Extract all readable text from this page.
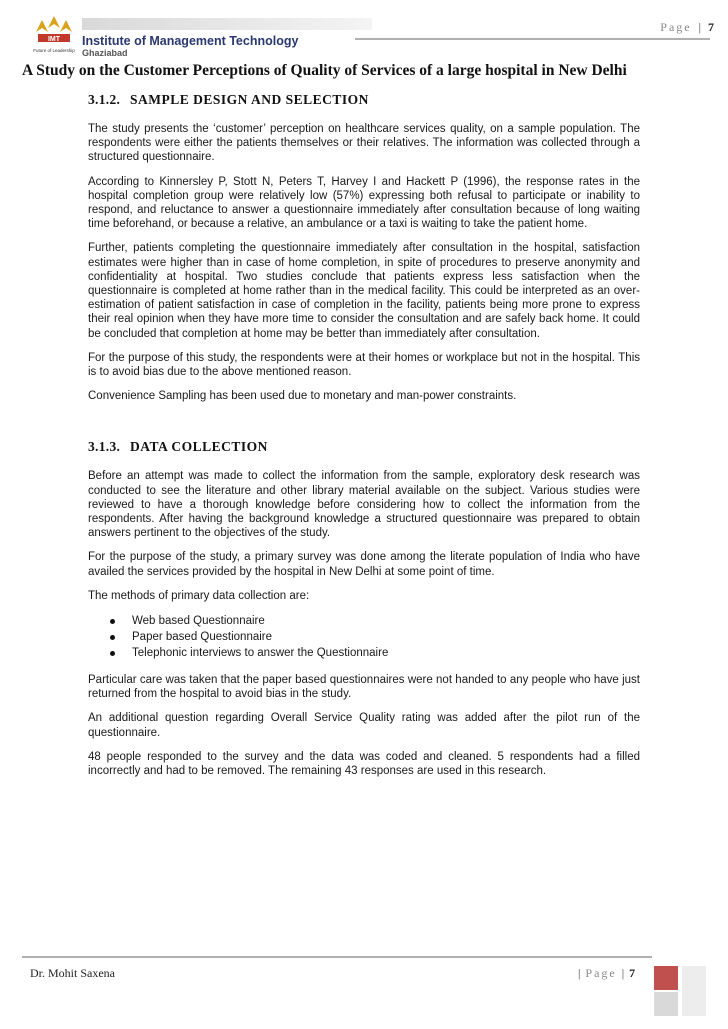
Page | 7
IMT
Future of Leadership
Institute of Management Technology
Ghaziabad
A Study on the Customer Perceptions of Quality of Services of a large hospital in New Delhi
3.1.2. SAMPLE DESIGN AND SELECTION

The study presents the ‘customer’ perception on healthcare services quality, on a sample population. The respondents were either the patients themselves or their relatives. The information was collected through a structured questionnaire.

According to Kinnersley P, Stott N, Peters T, Harvey I and Hackett P (1996), the response rates in the hospital completion group were relatively low (57%) expressing both refusal to participate or inability to respond, and reluctance to answer a questionnaire immediately after consultation because of long waiting time beforehand, or because a relative, an ambulance or a taxi is waiting to take the patient home.

Further, patients completing the questionnaire immediately after consultation in the hospital, satisfaction estimates were higher than in case of home completion, in spite of procedures to preserve anonymity and confidentiality at hospital. Two studies conclude that patients express less satisfaction when the questionnaire is completed at home rather than in the medical facility. This could be interpreted as an over-estimation of patient satisfaction in case of completion in the facility, patients being more prone to express their real opinion when they have more time to consider the consultation and are safely back home. It could be concluded that completion at home may be better than immediately after consultation.

For the purpose of this study, the respondents were at their homes or workplace but not in the hospital. This is to avoid bias due to the above mentioned reason.

Convenience Sampling has been used due to monetary and man-power constraints.

3.1.3. DATA COLLECTION

Before an attempt was made to collect the information from the sample, exploratory desk research was conducted to see the literature and other library material available on the subject. Various studies were reviewed to have a thorough knowledge before considering how to collect the information from the respondents. After having the background knowledge a structured questionnaire was prepared to obtain answers pertinent to the objectives of the study.

For the purpose of the study, a primary survey was done among the literate population of India who have availed the services provided by the hospital in New Delhi at some point of time.

The methods of primary data collection are:

Web based Questionnaire
Paper based Questionnaire
Telephonic interviews to answer the Questionnaire

Particular care was taken that the paper based questionnaires were not handed to any people who have just returned from the hospital to avoid bias in the study.

An additional question regarding Overall Service Quality rating was added after the pilot run of the questionnaire.

48 people responded to the survey and the data was coded and cleaned. 5 respondents had a filled incorrectly and had to be removed. The remaining 43 responses are used in this research.

Dr. Mohit Saxena	| Page | 7
